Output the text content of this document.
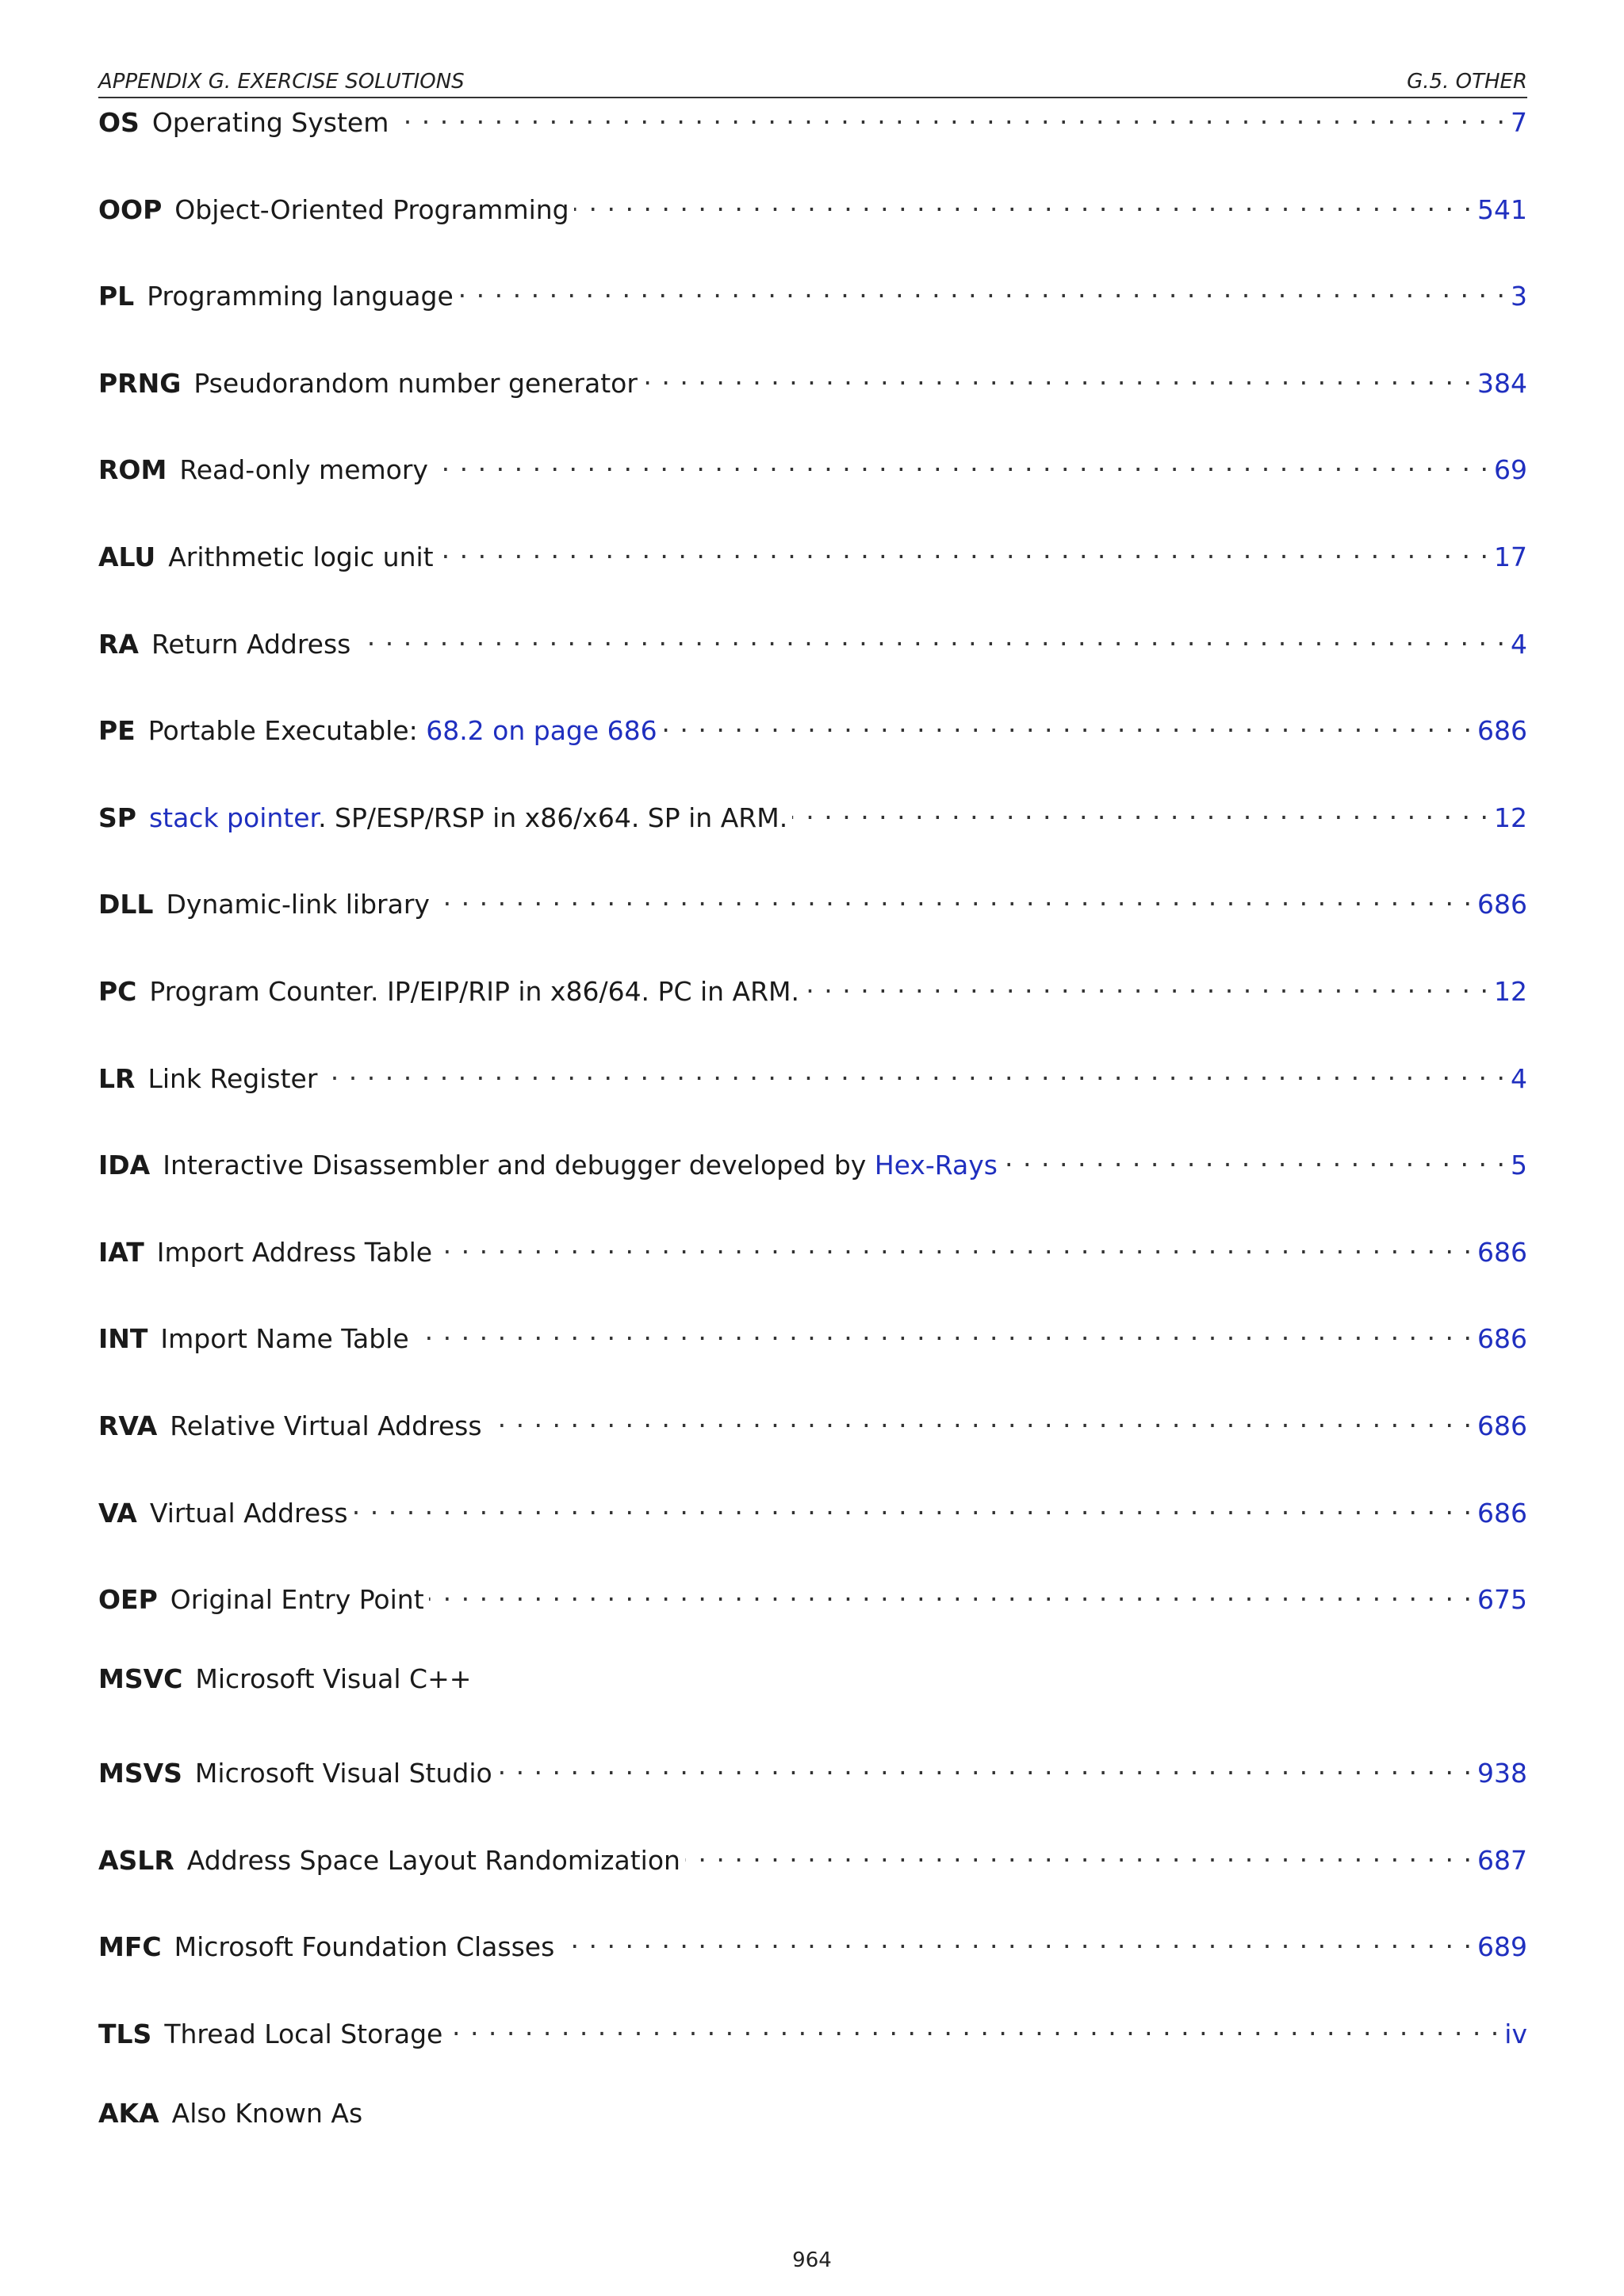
APPENDIX G. EXERCISE SOLUTIONS	G.5. OTHER
OS Operating System . . .	7
OOP Object-Oriented Programming . . .	541
PL Programming language . . .	3
PRNG Pseudorandom number generator . . .	384
ROM Read-only memory . . .	69
ALU Arithmetic logic unit . . .	17
RA Return Address . . .	4
PE Portable Executable: 68.2 on page 686 . . .	686
SP stack pointer. SP/ESP/RSP in x86/x64. SP in ARM. . . .	12
DLL Dynamic-link library . . .	686
PC Program Counter. IP/EIP/RIP in x86/64. PC in ARM. . . .	12
LR Link Register . . .	4
IDA Interactive Disassembler and debugger developed by Hex-Rays . . .	5
IAT Import Address Table . . .	686
INT Import Name Table . . .	686
RVA Relative Virtual Address . . .	686
VA Virtual Address . . .	686
OEP Original Entry Point . . .	675
MSVC Microsoft Visual C++
MSVS Microsoft Visual Studio . . .	938
ASLR Address Space Layout Randomization . . .	687
MFC Microsoft Foundation Classes . . .	689
TLS Thread Local Storage . . .	iv
AKA Also Known As
964
